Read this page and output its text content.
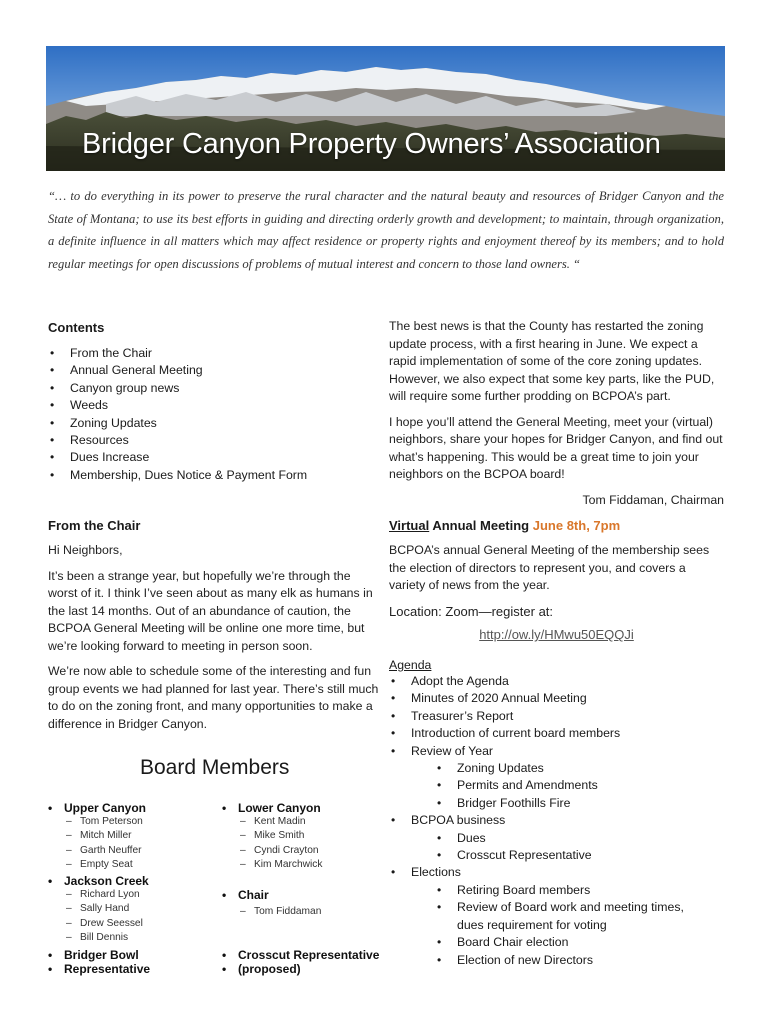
Bridger Canyon Property Owners’ Association
“… to do everything in its power to preserve the rural character and the natural beauty and resources of Bridger Canyon and the State of Montana; to use its best efforts in guiding and directing orderly growth and development; to maintain, through organization, a definite influence in all matters which may affect residence or property rights and enjoyment thereof by its members; and to hold regular meetings for open discussions of problems of mutual interest and concern to those land owners. “
Contents
• From the Chair
• Annual General Meeting
• Canyon group news
• Weeds
• Zoning Updates
• Resources
• Dues Increase
• Membership, Dues Notice & Payment Form

The best news is that the County has restarted the zoning update process, with a first hearing in June. We expect a rapid implementation of some of the core zoning updates. However, we also expect that some key parts, like the PUD, will require some further prodding on BCPOA’s part.

I hope you’ll attend the General Meeting, meet your (virtual) neighbors, share your hopes for Bridger Canyon, and find out what’s happening. This would be a great time to join your neighbors on the BCPOA board!

Tom Fiddaman, Chairman

From the Chair

Hi Neighbors,

It’s been a strange year, but hopefully we’re through the worst of it. I think I’ve seen about as many elk as humans in the last 14 months. Out of an abundance of caution, the BCPOA General Meeting will be online one more time, but we’re looking forward to meeting in person soon.

We’re now able to schedule some of the interesting and fun group events we had planned for last year. There’s still much to do on the zoning front, and many opportunities to make a difference in Bridger Canyon.

Virtual Annual Meeting June 8th, 7pm

BCPOA’s annual General Meeting of the membership sees the election of directors to represent you, and covers a variety of news from the year.

Location: Zoom—register at:

http://ow.ly/HMwu50EQQJi

Agenda
• Adopt the Agenda
• Minutes of 2020 Annual Meeting
• Treasurer’s Report
• Introduction of current board members
• Review of Year
• Zoning Updates
• Permits and Amendments
• Bridger Foothills Fire
• BCPOA business
• Dues
• Crosscut Representative
• Elections
• Retiring Board members
• Review of Board work and meeting times,
dues requirement for voting
• Board Chair election
• Election of new Directors
Board Members
• Upper Canyon
– Tom Peterson
– Mitch Miller
– Garth Neuffer
– Empty Seat
• Jackson Creek
– Richard Lyon
– Sally Hand
– Drew Seessel
– Bill Dennis
• Bridger Bowl
• Representative
• Lower Canyon
– Kent Madin
– Mike Smith
– Cyndi Crayton
– Kim Marchwick
• Chair
– Tom Fiddaman
• Crosscut Representative
• (proposed)
